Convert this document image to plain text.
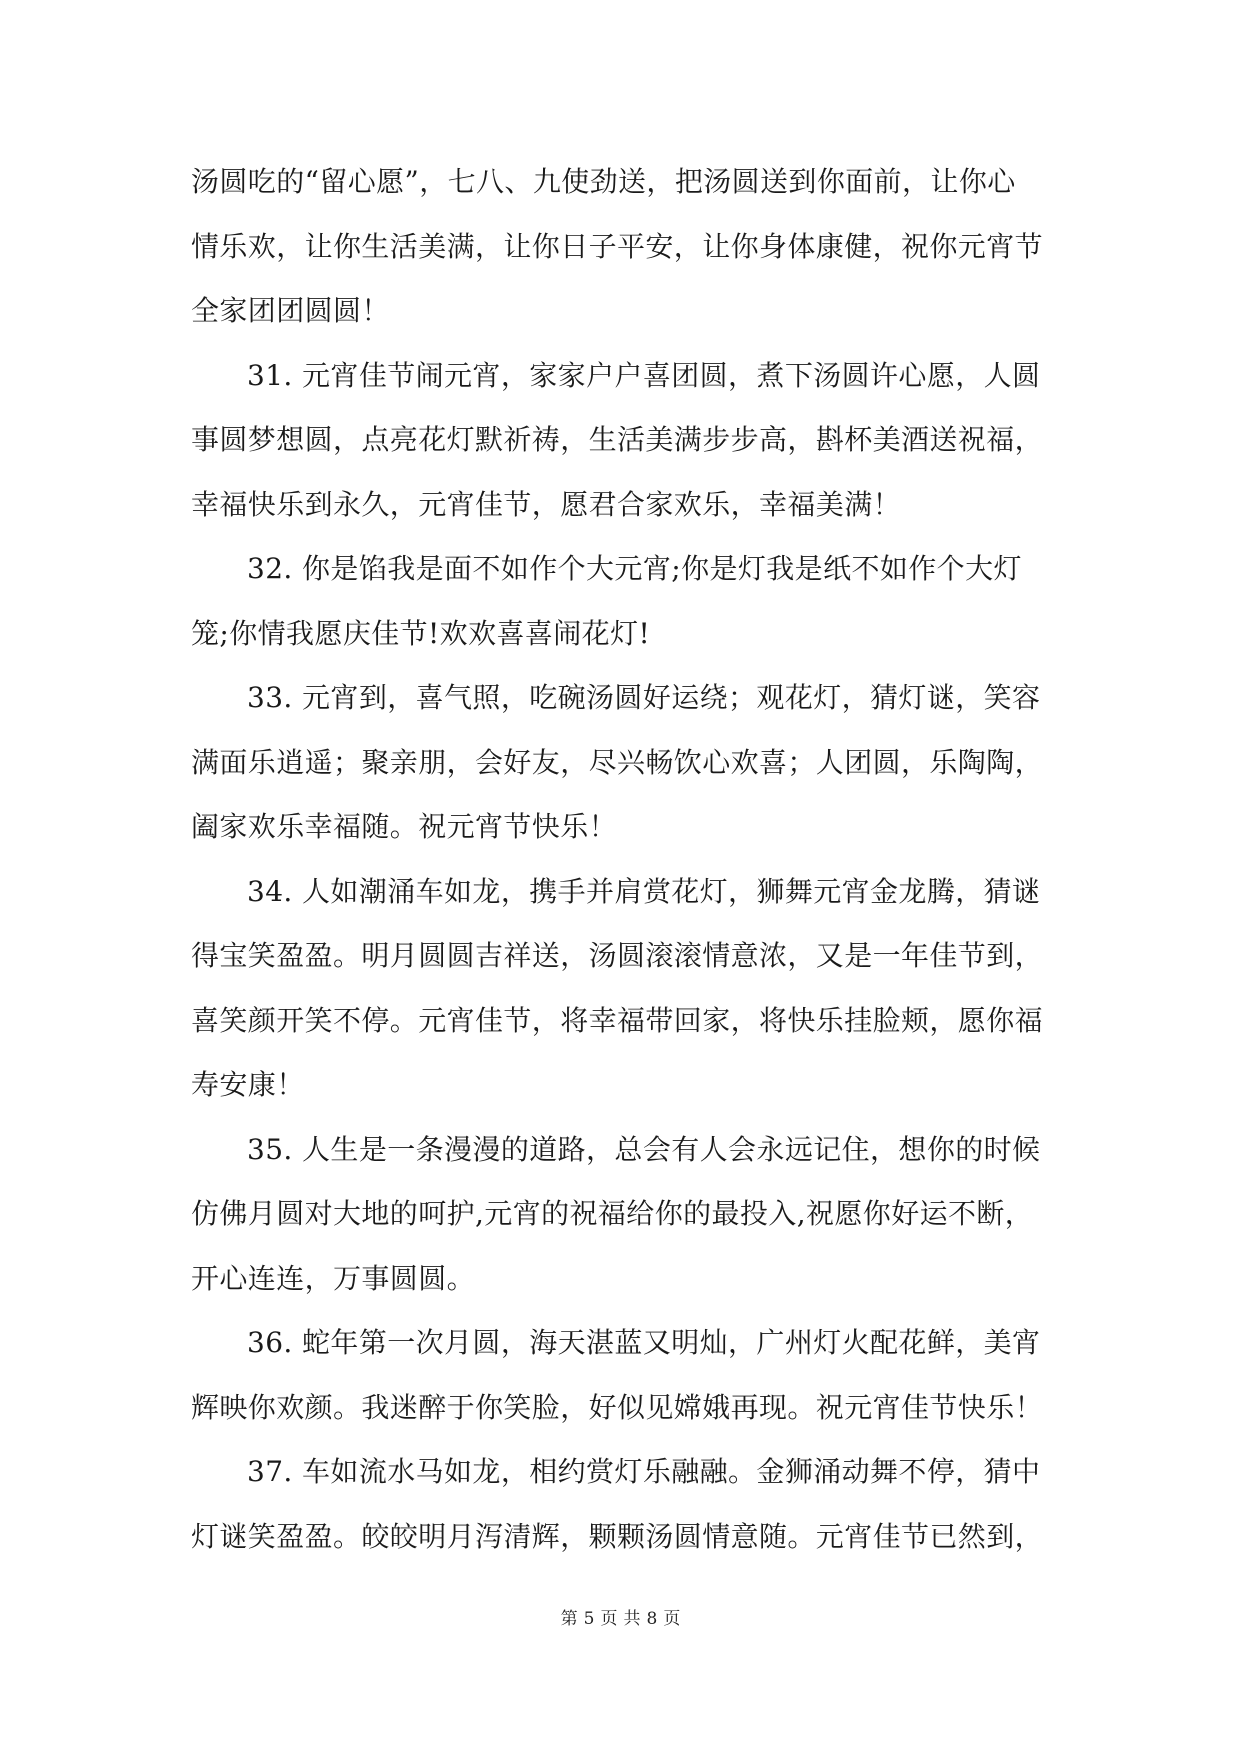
汤圆吃的“留心愿”，七八、九使劲送，把汤圆送到你面前，让你心
情乐欢，让你生活美满，让你日子平安，让你身体康健，祝你元宵节
全家团团圆圆！
31. 元宵佳节闹元宵，家家户户喜团圆，煮下汤圆许心愿，人圆
事圆梦想圆，点亮花灯默祈祷，生活美满步步高，斟杯美酒送祝福，
幸福快乐到永久，元宵佳节，愿君合家欢乐，幸福美满！
32. 你是馅我是面不如作个大元宵;你是灯我是纸不如作个大灯
笼;你情我愿庆佳节!欢欢喜喜闹花灯!
33. 元宵到，喜气照，吃碗汤圆好运绕；观花灯，猜灯谜，笑容
满面乐逍遥；聚亲朋，会好友，尽兴畅饮心欢喜；人团圆，乐陶陶，
阖家欢乐幸福随。祝元宵节快乐！
34. 人如潮涌车如龙，携手并肩赏花灯，狮舞元宵金龙腾，猜谜
得宝笑盈盈。明月圆圆吉祥送，汤圆滚滚情意浓，又是一年佳节到，
喜笑颜开笑不停。元宵佳节，将幸福带回家，将快乐挂脸颊，愿你福
寿安康！
35. 人生是一条漫漫的道路，总会有人会永远记住，想你的时候
仿佛月圆对大地的呵护,元宵的祝福给你的最投入,祝愿你好运不断，
开心连连，万事圆圆。
36. 蛇年第一次月圆，海天湛蓝又明灿，广州灯火配花鲜，美宵
辉映你欢颜。我迷醉于你笑脸，好似见嫦娥再现。祝元宵佳节快乐！
37. 车如流水马如龙，相约赏灯乐融融。金狮涌动舞不停，猜中
灯谜笑盈盈。皎皎明月泻清辉，颗颗汤圆情意随。元宵佳节已然到，
第 5 页 共 8 页
